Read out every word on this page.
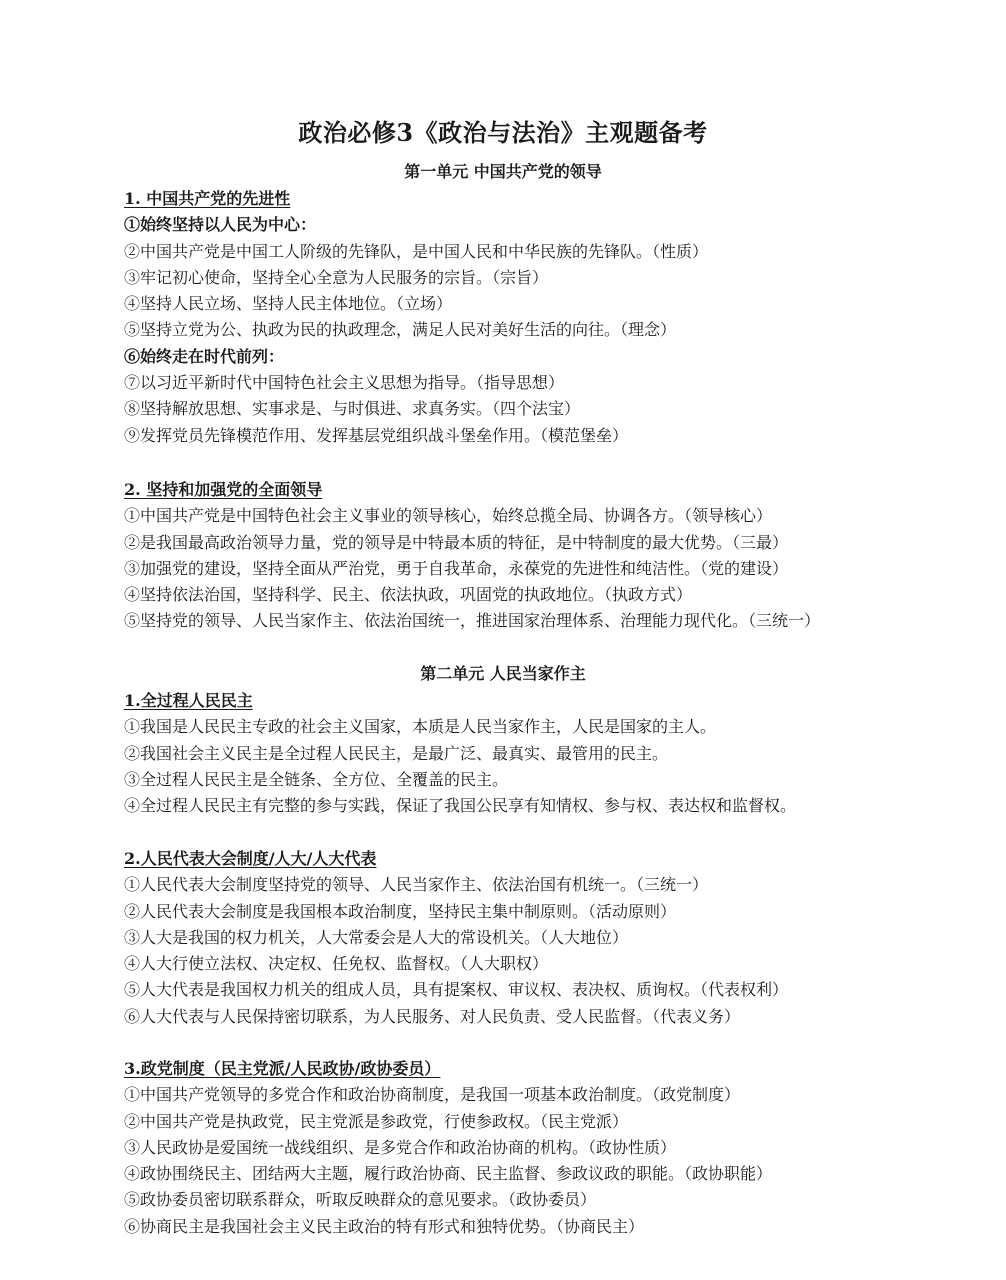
政治必修3《政治与法治》主观题备考
第一单元 中国共产党的领导
1. 中国共产党的先进性
①始终坚持以人民为中心：
②中国共产党是中国工人阶级的先锋队，是中国人民和中华民族的先锋队。（性质）
③牢记初心使命，坚持全心全意为人民服务的宗旨。（宗旨）
④坚持人民立场、坚持人民主体地位。（立场）
⑤坚持立党为公、执政为民的执政理念，满足人民对美好生活的向往。（理念）
⑥始终走在时代前列：
⑦以习近平新时代中国特色社会主义思想为指导。（指导思想）
⑧坚持解放思想、实事求是、与时俱进、求真务实。（四个法宝）
⑨发挥党员先锋模范作用、发挥基层党组织战斗堡垒作用。（模范堡垒）
2. 坚持和加强党的全面领导
①中国共产党是中国特色社会主义事业的领导核心，始终总揽全局、协调各方。（领导核心）
②是我国最高政治领导力量，党的领导是中特最本质的特征，是中特制度的最大优势。（三最）
③加强党的建设，坚持全面从严治党，勇于自我革命，永葆党的先进性和纯洁性。（党的建设）
④坚持依法治国，坚持科学、民主、依法执政，巩固党的执政地位。（执政方式）
⑤坚持党的领导、人民当家作主、依法治国统一，推进国家治理体系、治理能力现代化。（三统一）
第二单元 人民当家作主
1.全过程人民民主
①我国是人民民主专政的社会主义国家，本质是人民当家作主，人民是国家的主人。
②我国社会主义民主是全过程人民民主，是最广泛、最真实、最管用的民主。
③全过程人民民主是全链条、全方位、全覆盖的民主。
④全过程人民民主有完整的参与实践，保证了我国公民享有知情权、参与权、表达权和监督权。
2.人民代表大会制度/人大/人大代表
①人民代表大会制度坚持党的领导、人民当家作主、依法治国有机统一。（三统一）
②人民代表大会制度是我国根本政治制度，坚持民主集中制原则。（活动原则）
③人大是我国的权力机关，人大常委会是人大的常设机关。（人大地位）
④人大行使立法权、决定权、任免权、监督权。（人大职权）
⑤人大代表是我国权力机关的组成人员，具有提案权、审议权、表决权、质询权。（代表权利）
⑥人大代表与人民保持密切联系，为人民服务、对人民负责、受人民监督。（代表义务）
3.政党制度（民主党派/人民政协/政协委员）
①中国共产党领导的多党合作和政治协商制度，是我国一项基本政治制度。（政党制度）
②中国共产党是执政党，民主党派是参政党，行使参政权。（民主党派）
③人民政协是爱国统一战线组织、是多党合作和政治协商的机构。（政协性质）
④政协围绕民主、团结两大主题，履行政治协商、民主监督、参政议政的职能。（政协职能）
⑤政协委员密切联系群众，听取反映群众的意见要求。（政协委员）
⑥协商民主是我国社会主义民主政治的特有形式和独特优势。（协商民主）
